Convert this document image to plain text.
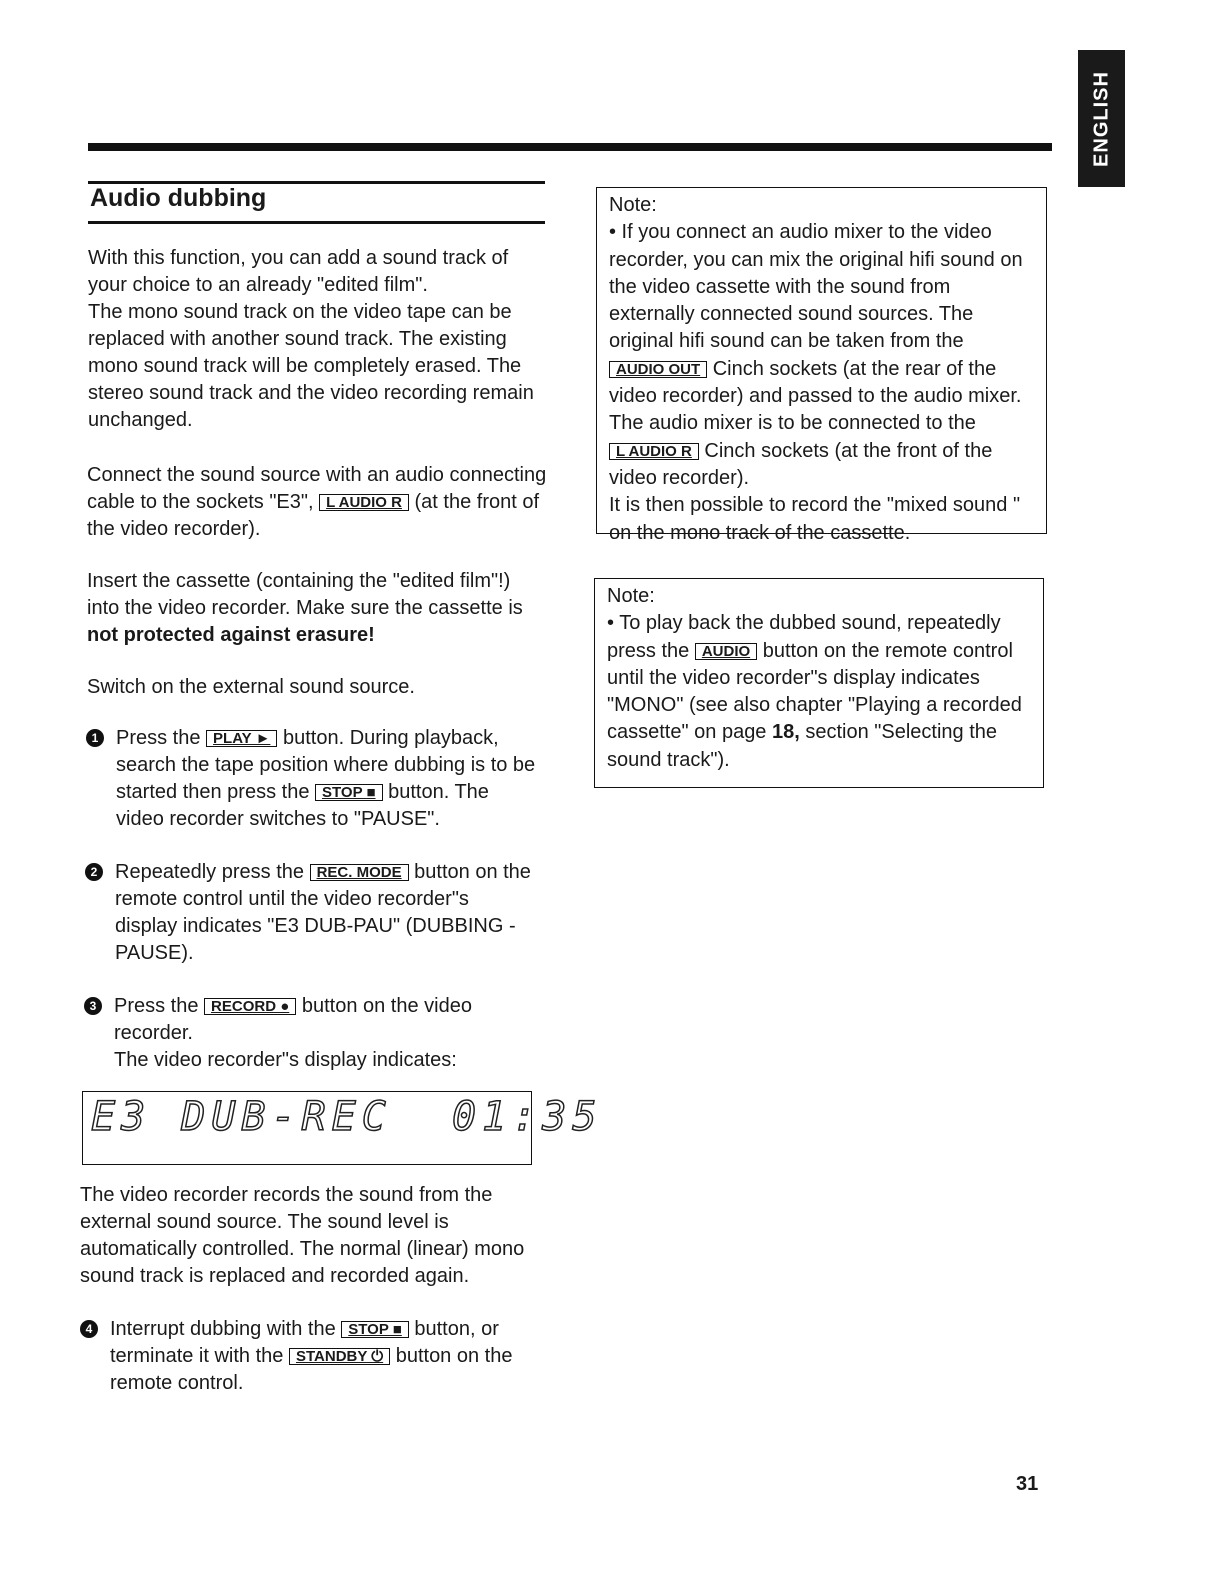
ENGLISH
Audio dubbing
With this function, you can add a sound track of your choice to an already "edited film".
The mono sound track on the video tape can be replaced with another sound track. The existing mono sound track will be completely erased. The stereo sound track and the video recording remain unchanged.
Connect the sound source with an audio connecting cable to the sockets "E3", L AUDIO R (at the front of the video recorder).
Insert the cassette (containing the "edited film"!) into the video recorder. Make sure the cassette is not protected against erasure!
Switch on the external sound source.
1 Press the PLAY ► button. During playback, search the tape position where dubbing is to be started then press the STOP ■ button. The video recorder switches to "PAUSE".
2 Repeatedly press the REC. MODE button on the remote control until the video recorder"s display indicates "E3 DUB-PAU" (DUBBING - PAUSE).
3 Press the RECORD ● button on the video recorder.
The video recorder"s display indicates:
E3 DUB-REC  01:35
The video recorder records the sound from the external sound source. The sound level is automatically controlled. The normal (linear) mono sound track is replaced and recorded again.
4 Interrupt dubbing with the STOP ■ button, or terminate it with the STANDBY ⏻ button on the remote control.
Note:
• If you connect an audio mixer to the video recorder, you can mix the original hifi sound on the video cassette with the sound from externally connected sound sources. The original hifi sound can be taken from the AUDIO OUT Cinch sockets (at the rear of the video recorder) and passed to the audio mixer. The audio mixer is to be connected to the L AUDIO R Cinch sockets (at the front of the video recorder).
It is then possible to record the "mixed sound " on the mono track of the cassette.
Note:
• To play back the dubbed sound, repeatedly press the AUDIO button on the remote control until the video recorder"s display indicates "MONO" (see also chapter "Playing a recorded cassette" on page 18, section "Selecting the sound track").
31
